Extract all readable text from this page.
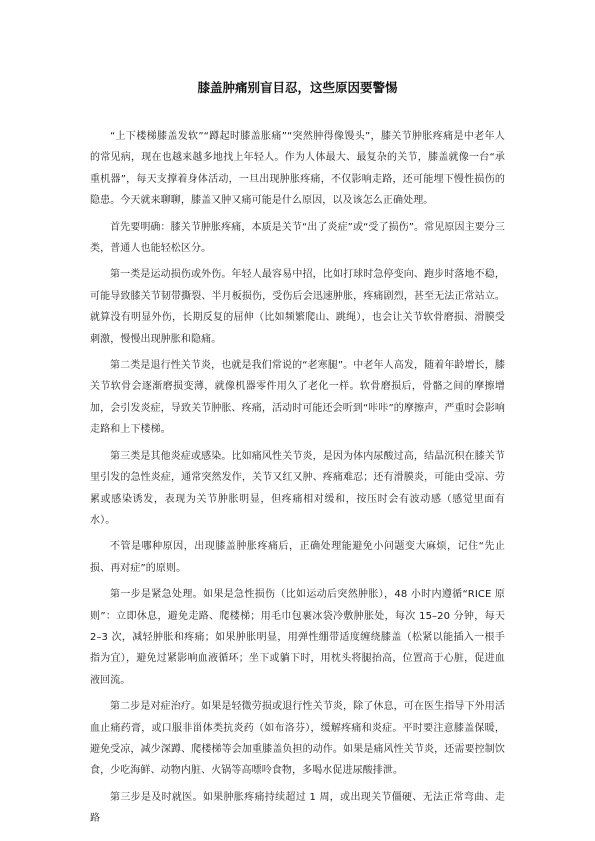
膝盖肿痛别盲目忍，这些原因要警惕

“上下楼梯膝盖发软”“蹲起时膝盖胀痛”“突然肿得像馒头”，膝关节肿胀疼痛是中老年人的常见病，现在也越来越多地找上年轻人。作为人体最大、最复杂的关节，膝盖就像一台“承重机器”，每天支撑着身体活动，一旦出现肿胀疼痛，不仅影响走路，还可能埋下慢性损伤的隐患。今天就来聊聊，膝盖又肿又痛可能是什么原因，以及该怎么正确处理。

首先要明确：膝关节肿胀疼痛，本质是关节“出了炎症”或“受了损伤”。常见原因主要分三类，普通人也能轻松区分。

第一类是运动损伤或外伤。年轻人最容易中招，比如打球时急停变向、跑步时落地不稳，可能导致膝关节韧带撕裂、半月板损伤，受伤后会迅速肿胀，疼痛剧烈，甚至无法正常站立。就算没有明显外伤，长期反复的屈伸（比如频繁爬山、跳绳），也会让关节软骨磨损、滑膜受刺激，慢慢出现肿胀和隐痛。

第二类是退行性关节炎，也就是我们常说的“老寒腿”。中老年人高发，随着年龄增长，膝关节软骨会逐渐磨损变薄，就像机器零件用久了老化一样。软骨磨损后，骨骼之间的摩擦增加，会引发炎症，导致关节肿胀、疼痛，活动时可能还会听到“咔咔”的摩擦声，严重时会影响走路和上下楼梯。

第三类是其他炎症或感染。比如痛风性关节炎，是因为体内尿酸过高，结晶沉积在膝关节里引发的急性炎症，通常突然发作，关节又红又肿、疼痛难忍；还有滑膜炎，可能由受凉、劳累或感染诱发，表现为关节肿胀明显，但疼痛相对缓和，按压时会有波动感（感觉里面有水）。

不管是哪种原因，出现膝盖肿胀疼痛后，正确处理能避免小问题变大麻烦，记住“先止损、再对症”的原则。

第一步是紧急处理。如果是急性损伤（比如运动后突然肿胀），48 小时内遵循“RICE 原则”：立即休息，避免走路、爬楼梯；用毛巾包裹冰袋冷敷肿胀处，每次 15–20 分钟，每天 2–3 次，减轻肿胀和疼痛；如果肿胀明显，用弹性绷带适度缠绕膝盖（松紧以能插入一根手指为宜），避免过紧影响血液循环；坐下或躺下时，用枕头将腿抬高，位置高于心脏，促进血液回流。

第二步是对症治疗。如果是轻微劳损或退行性关节炎，除了休息，可在医生指导下外用活血止痛药膏，或口服非甾体类抗炎药（如布洛芬），缓解疼痛和炎症。平时要注意膝盖保暖，避免受凉，减少深蹲、爬楼梯等会加重膝盖负担的动作。如果是痛风性关节炎，还需要控制饮食，少吃海鲜、动物内脏、火锅等高嘌呤食物，多喝水促进尿酸排泄。

第三步是及时就医。如果肿胀疼痛持续超过 1 周，或出现关节僵硬、无法正常弯曲、走路
